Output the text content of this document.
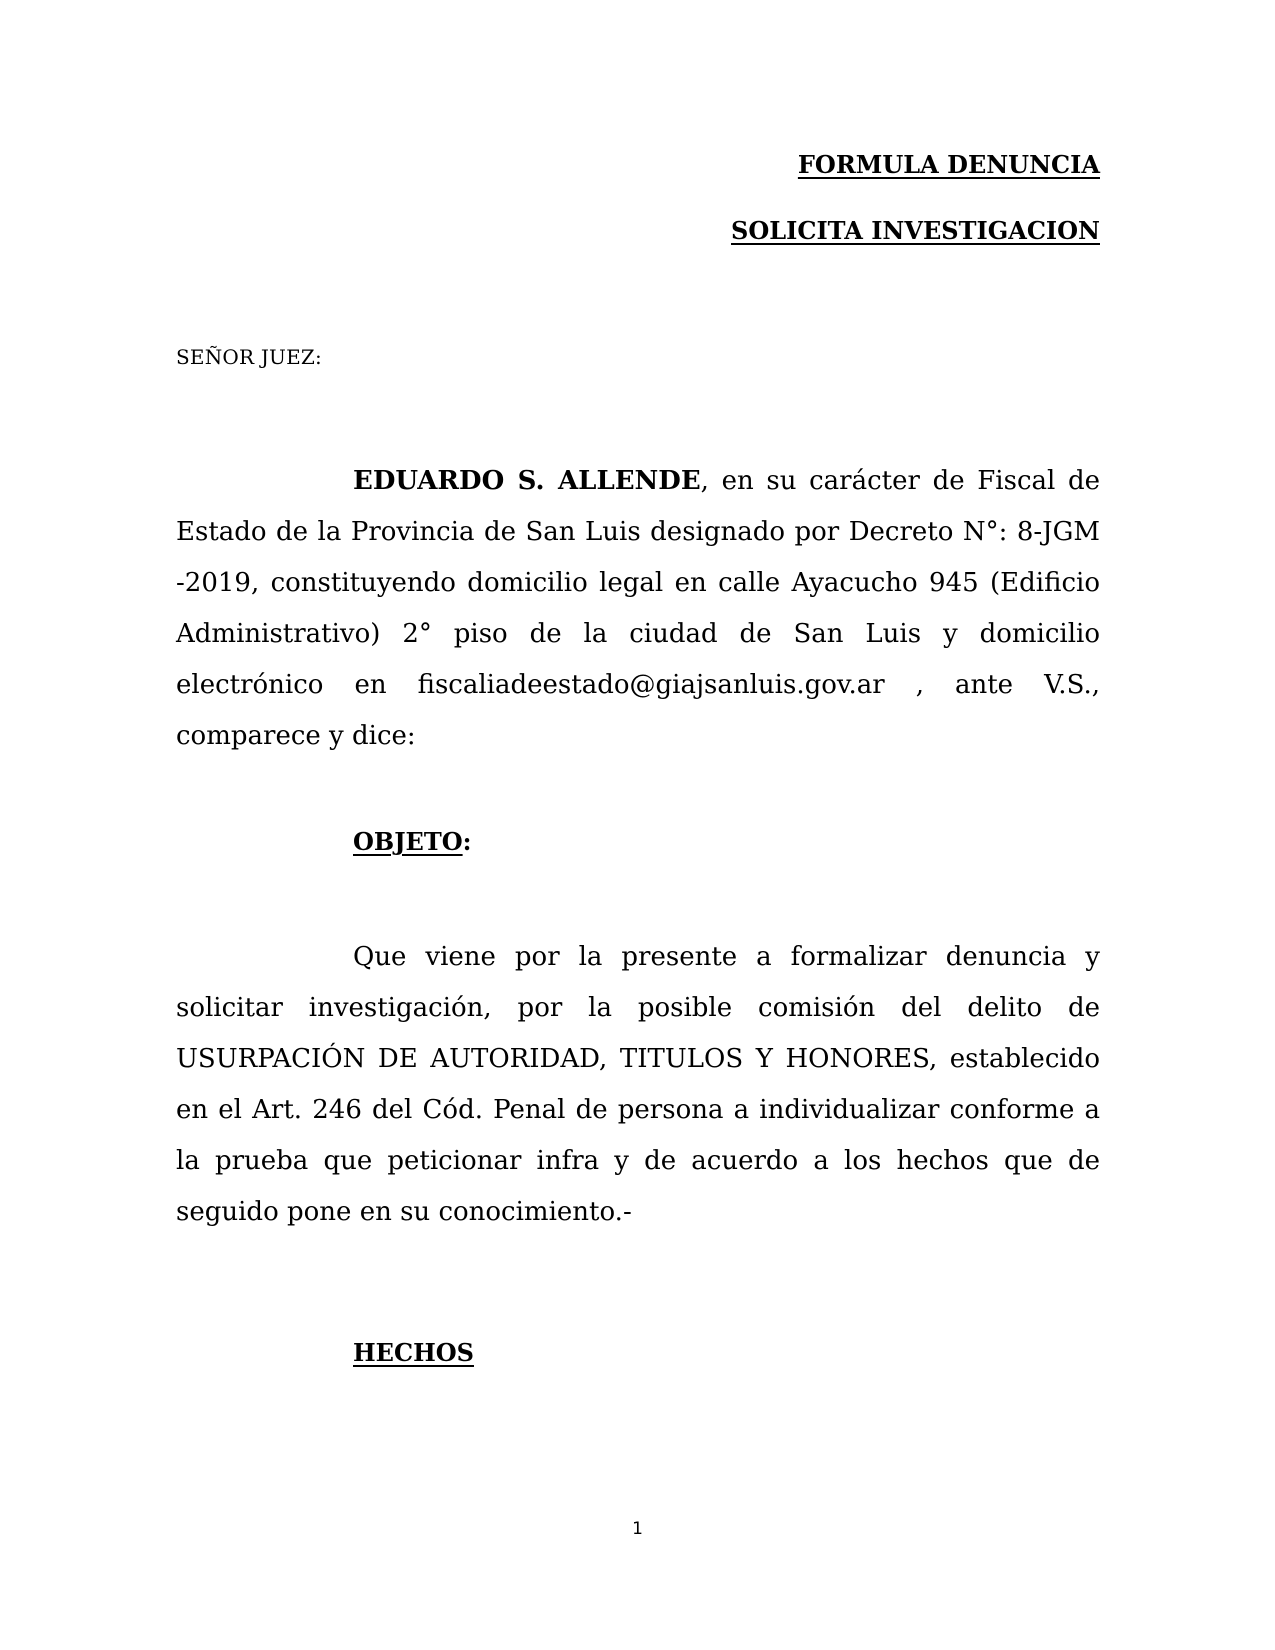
FORMULA DENUNCIA

SOLICITA INVESTIGACION

SEÑOR JUEZ:

EDUARDO S. ALLENDE, en su carácter de Fiscal de Estado de la Provincia de San Luis designado por Decreto N°: 8-JGM -2019, constituyendo domicilio legal en calle Ayacucho 945 (Edificio Administrativo) 2° piso de la ciudad de San Luis y domicilio electrónico en fiscaliadeestado@giajsanluis.gov.ar , ante V.S., comparece y dice:

OBJETO:

Que viene por la presente a formalizar denuncia y solicitar investigación, por la posible comisión del delito de USURPACIÓN DE AUTORIDAD, TITULOS Y HONORES, establecido en el Art. 246 del Cód. Penal de persona a individualizar conforme a la prueba que peticionar infra y de acuerdo a los hechos que de seguido pone en su conocimiento.-

HECHOS

1
